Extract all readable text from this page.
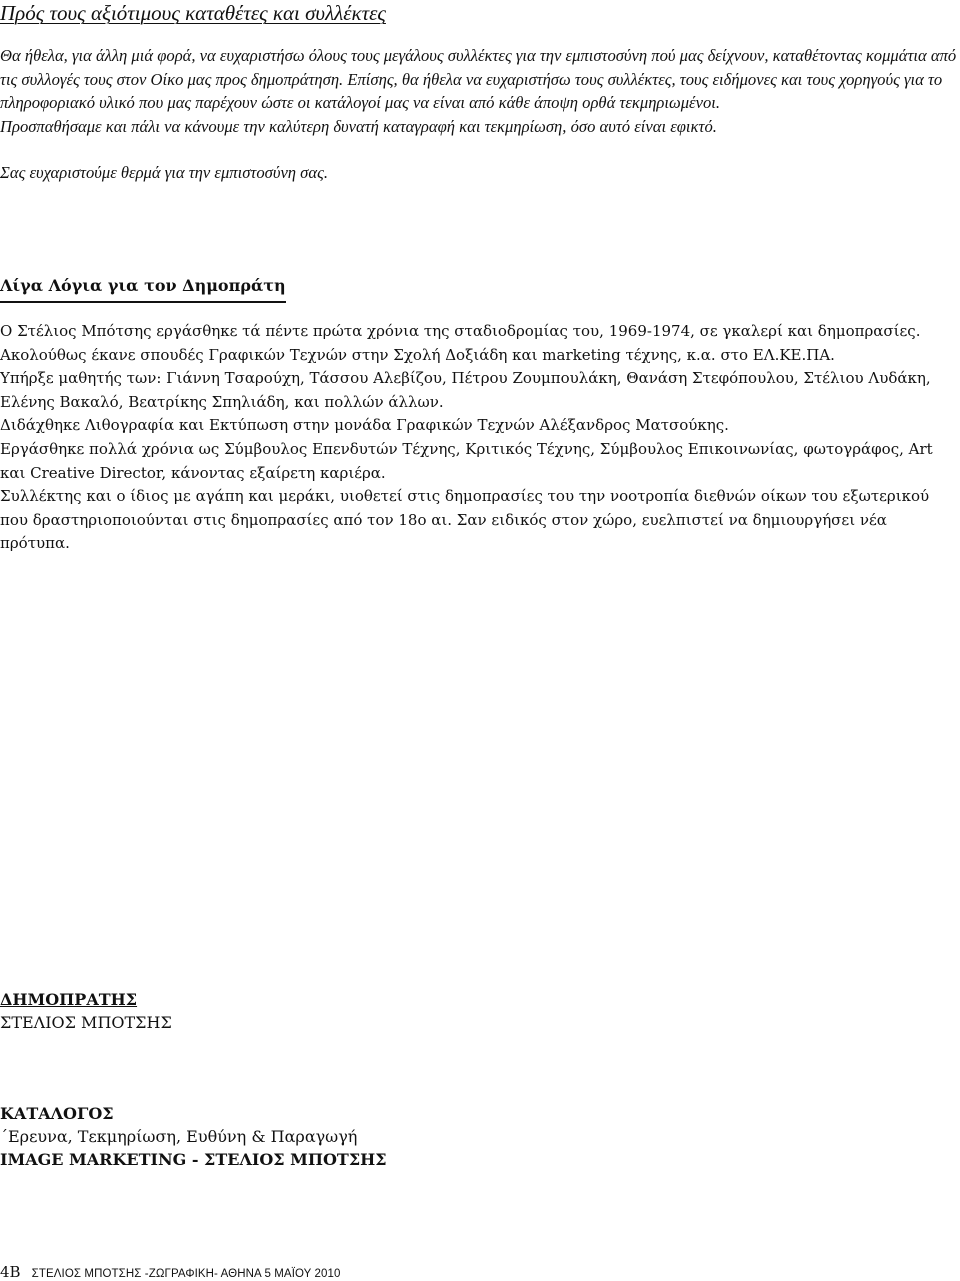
Πρός τους αξιότιμους καταθέτες και συλλέκτες

Θα ήθελα, για άλλη μιά φορά, να ευχαριστήσω όλους τους μεγάλους συλλέκτες για την εμπιστοσύνη πού μας δείχνουν, καταθέτοντας κομμάτια από τις συλλογές τους στον Οίκο μας προς δημοπράτηση. Επίσης, θα ήθελα να ευχαριστήσω τους συλλέκτες, τους ειδήμονες και τους χορηγούς για το πληροφοριακό υλικό που μας παρέχουν ώστε οι κατάλογοί μας να είναι από κάθε άποψη ορθά τεκμηριωμένοι.

Προσπαθήσαμε και πάλι να κάνουμε την καλύτερη δυνατή καταγραφή και τεκμηρίωση, όσο αυτό είναι εφικτό.

Σας ευχαριστούμε θερμά για την εμπιστοσύνη σας.

Λίγα Λόγια για τον Δημοπράτη

Ο Στέλιος Μπότσης εργάσθηκε τά πέντε πρώτα χρόνια της σταδιοδρομίας του, 1969-1974, σε γκαλερί και δημοπρασίες.

Ακολούθως έκανε σπουδές Γραφικών Τεχνών στην Σχολή Δοξιάδη και marketing τέχνης, κ.α. στο ΕΛ.ΚΕ.ΠΑ.

Υπήρξε μαθητής των: Γιάννη Τσαρούχη, Τάσσου Αλεβίζου, Πέτρου Ζουμπουλάκη, Θανάση Στεφόπουλου, Στέλιου Λυδάκη, Ελένης Βακαλό, Βεατρίκης Σπηλιάδη, και πολλών άλλων.

Διδάχθηκε Λιθογραφία και Εκτύπωση στην μονάδα Γραφικών Τεχνών Αλέξανδρος Ματσούκης.

Εργάσθηκε πολλά χρόνια ως Σύμβουλος Επενδυτών Τέχνης, Κριτικός Τέχνης, Σύμβουλος Επικοινωνίας, φωτογράφος, Art και Creative Director, κάνοντας εξαίρετη καριέρα.

Συλλέκτης και ο ίδιος με αγάπη και μεράκι, υιοθετεί στις δημοπρασίες του την νοοτροπία διεθνών οίκων του εξωτερικού που δραστηριοποιούνται στις δημοπρασίες από τον 18ο αι. Σαν ειδικός στον χώρο, ευελπιστεί να δημιουργήσει νέα πρότυπα.

ΔΗΜΟΠΡΑΤΗΣ
ΣΤΕΛΙΟΣ ΜΠΟΤΣΗΣ
ΚΑΤΑΛΟΓΟΣ
΄Ερευνα, Τεκμηρίωση, Ευθύνη & Παραγωγή
IMAGE MARKETING - ΣΤΕΛΙΟΣ ΜΠΟΤΣΗΣ
4B ΣΤΕΛΙΟΣ ΜΠΟΤΣΗΣ -ΖΩΓΡΑΦΙΚΗ- ΑΘΗΝΑ 5 ΜΑΪΟΥ 2010
